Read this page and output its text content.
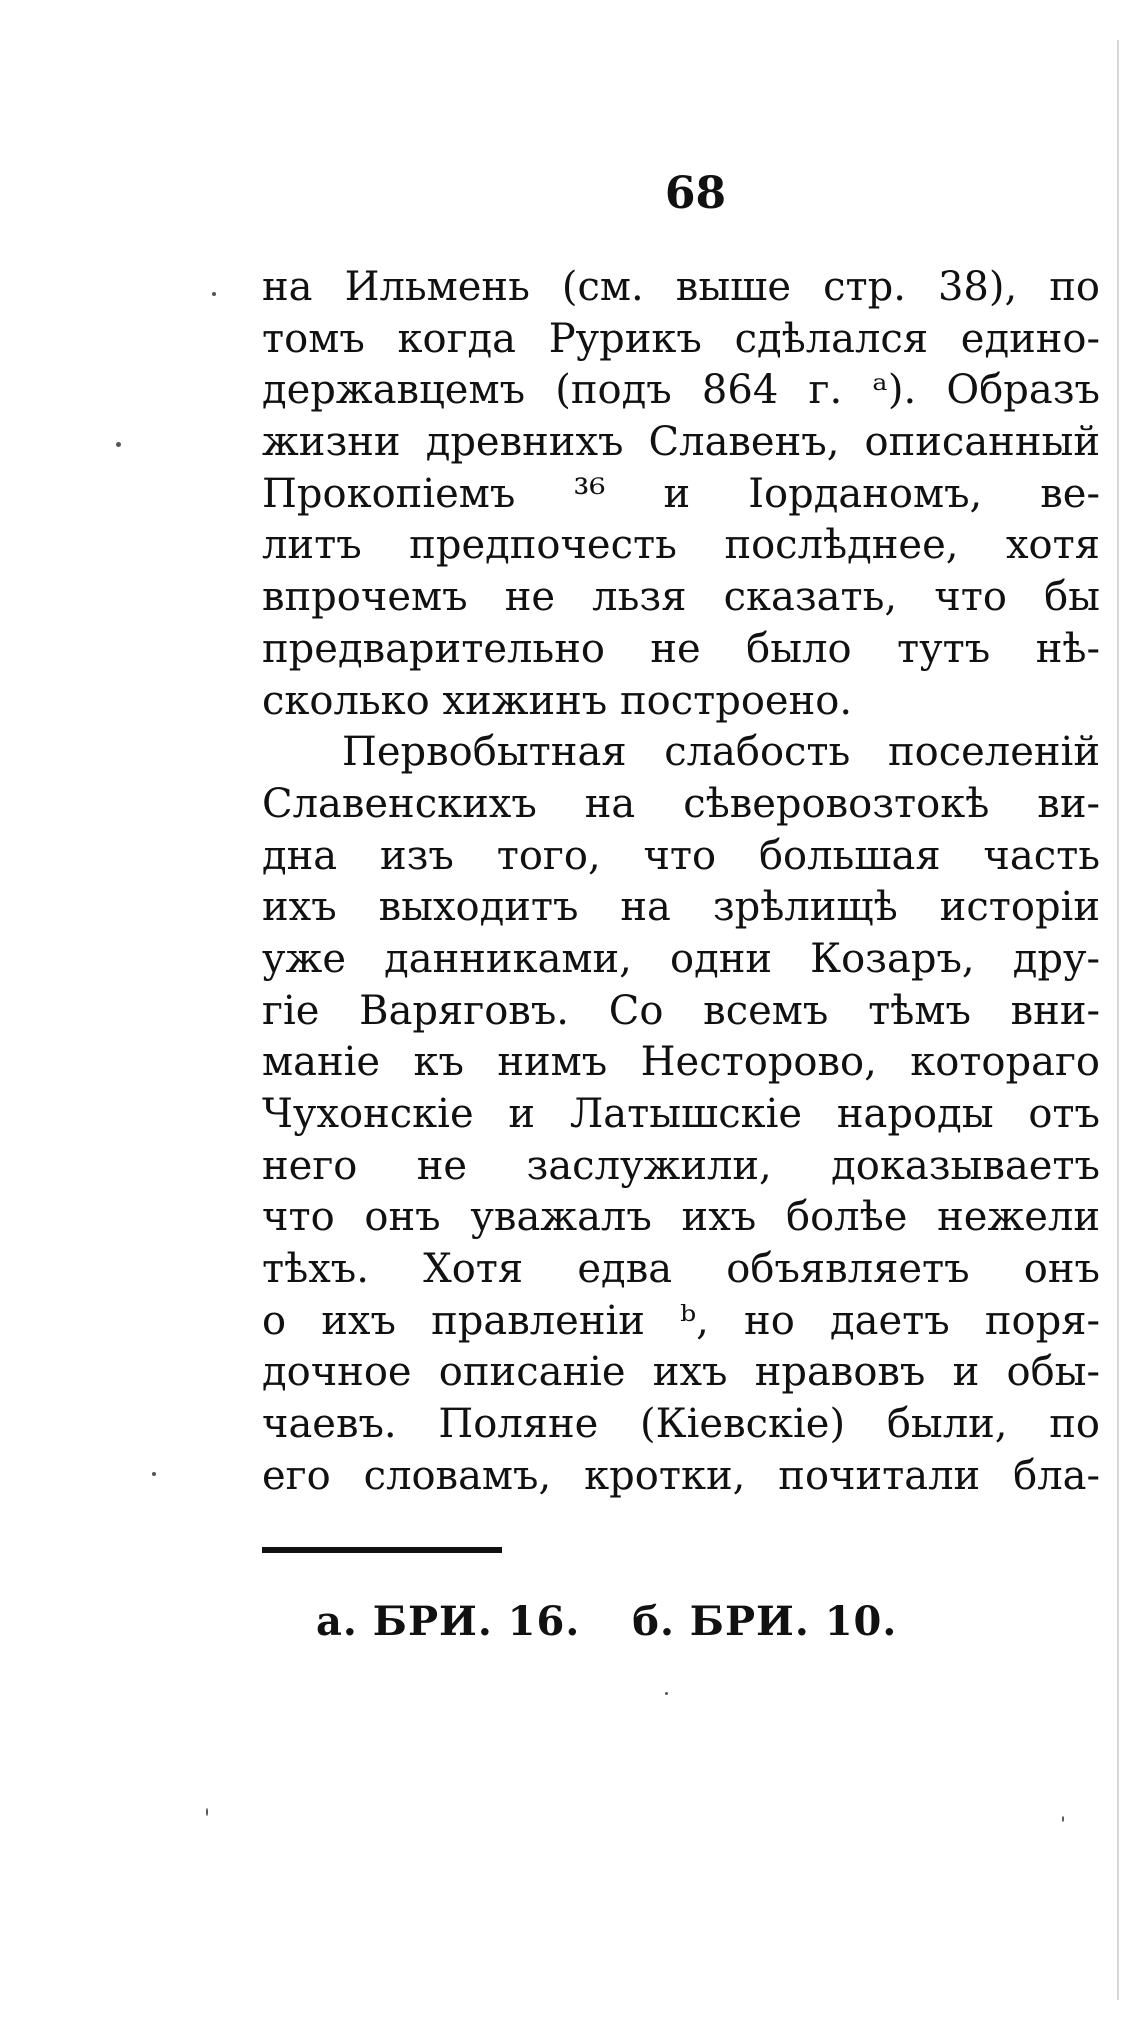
68
на Ильмень (см. выше стр. 38), по
томъ когда Рурикъ сдѣлался едино-
державцемъ (подъ 864 г. ᵃ). Образъ
жизни древнихъ Славенъ, описанный
Прокопіемъ ³⁶ и Іорданомъ, ве-
литъ предпочесть послѣднее, хотя
впрочемъ не льзя сказать, что бы
предварительно не было тутъ нѣ-
сколько хижинъ построено.
Первобытная слабость поселеній
Славенскихъ на сѣверовозтокѣ ви-
дна изъ того, что большая часть
ихъ выходитъ на зрѣлищѣ исторіи
уже данниками, одни Козаръ, дру-
гіе Варяговъ. Со всемъ тѣмъ вни-
маніе къ нимъ Несторово, котораго
Чухонскіе и Латышскіе народы отъ
него не заслужили, доказываетъ
что онъ уважалъ ихъ болѣе нежели
тѣхъ. Хотя едва объявляетъ онъ
о ихъ правленіи ᵇ, но даетъ поря-
дочное описаніе ихъ нравовъ и обы-
чаевъ. Поляне (Кіевскіе) были, по
его словамъ, кротки, почитали бла-
а. БРИ. 16. б. БРИ. 10.
